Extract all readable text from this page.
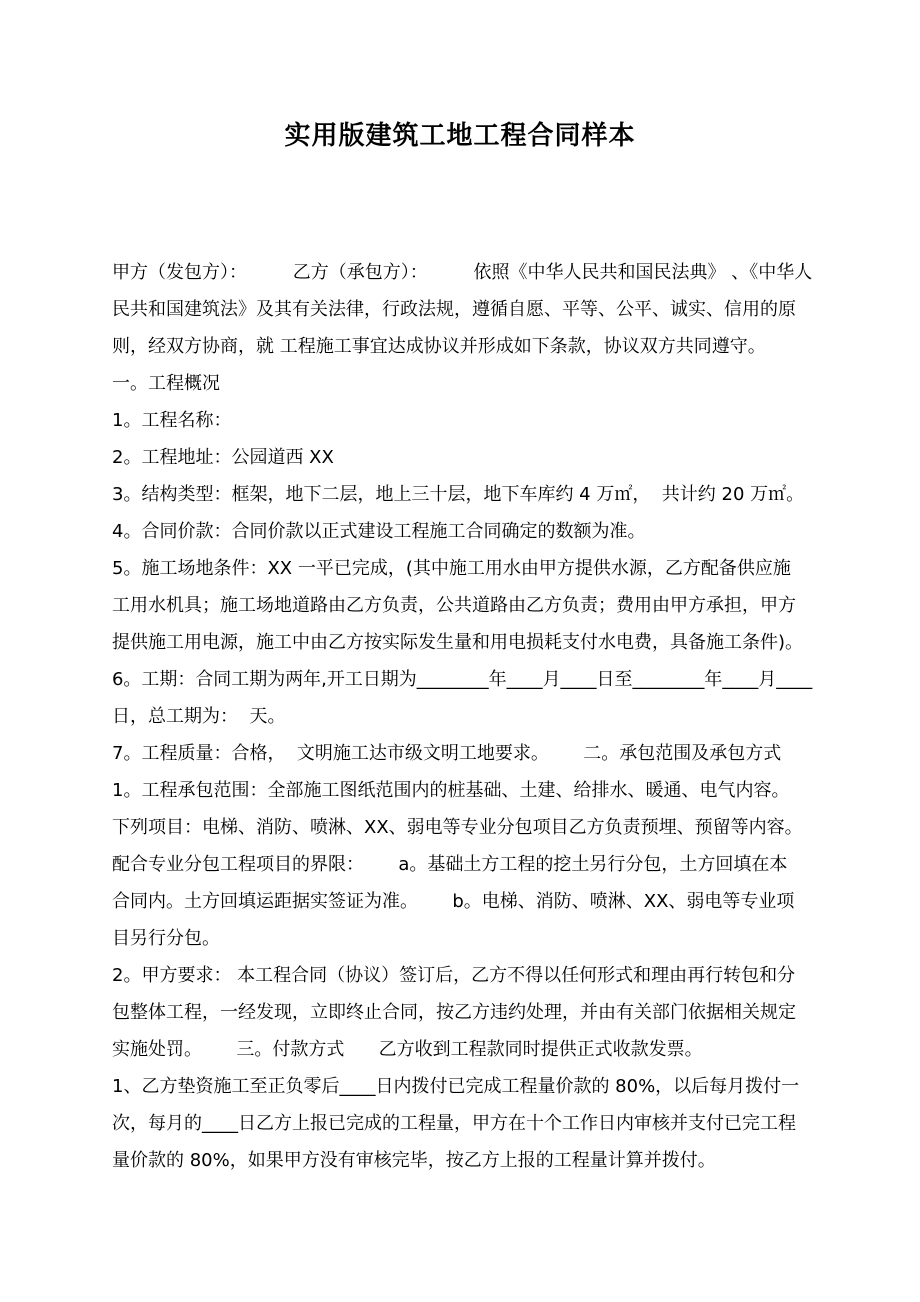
实用版建筑工地工程合同样本
甲方（发包方）：        乙方（承包方）：        依照《中华人民共和国民法典》 、《中华人
民共和国建筑法》及其有关法律，行政法规，遵循自愿、平等、公平、诚实、信用的原
则，经双方协商，就 工程施工事宜达成协议并形成如下条款，协议双方共同遵守。
一。工程概况
1。工程名称：
2。工程地址：公园道西 XX
3。结构类型：框架，地下二层，地上三十层，地下车库约 4 万㎡，  共计约 20 万㎡。
4。合同价款：合同价款以正式建设工程施工合同确定的数额为准。
5。施工场地条件：XX 一平已完成，(其中施工用水由甲方提供水源，乙方配备供应施
工用水机具；施工场地道路由乙方负责，公共道路由乙方负责；费用由甲方承担，甲方
提供施工用电源，施工中由乙方按实际发生量和用电损耗支付水电费，具备施工条件)。
6。工期：合同工期为两年,开工日期为________年____月____日至________年____月____
日，总工期为：  天。
7。工程质量：合格，  文明施工达市级文明工地要求。      二。承包范围及承包方式
1。工程承包范围：全部施工图纸范围内的桩基础、土建、给排水、暖通、电气内容。
下列项目：电梯、消防、喷淋、XX、弱电等专业分包项目乙方负责预埋、预留等内容。
配合专业分包工程项目的界限：      a。基础土方工程的挖土另行分包，土方回填在本
合同内。土方回填运距据实签证为准。      b。电梯、消防、喷淋、XX、弱电等专业项
目另行分包。
2。甲方要求： 本工程合同（协议）签订后，乙方不得以任何形式和理由再行转包和分
包整体工程，一经发现，立即终止合同，按乙方违约处理，并由有关部门依据相关规定
实施处罚。      三。付款方式      乙方收到工程款同时提供正式收款发票。
1、乙方垫资施工至正负零后____日内拨付已完成工程量价款的 80%，以后每月拨付一
次，每月的____日乙方上报已完成的工程量，甲方在十个工作日内审核并支付已完工程
量价款的 80%，如果甲方没有审核完毕，按乙方上报的工程量计算并拨付。
